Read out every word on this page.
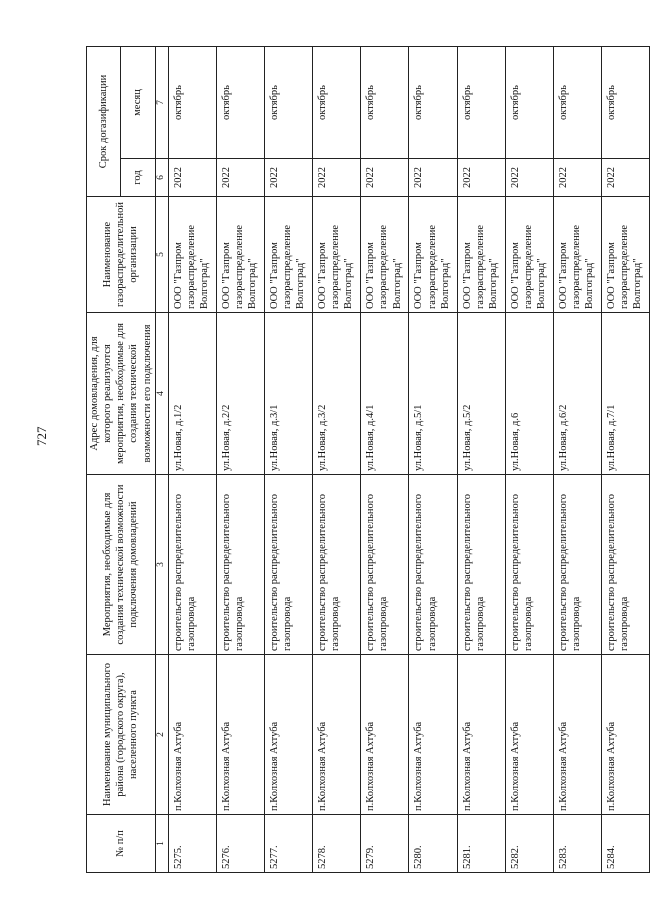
727
№ п/п	Наименование муниципального района (городского округа), населенного пункта	Мероприятия, необходимые для создания технической возможности подключения домовладений	Адрес домовладения, для которого реализуются мероприятия, необходимые для создания технической возможности его подключения	Наименование газораспределительной организации	Срок догазификации	
					год	месяц
1	2	3	4	5	6	7
5275.	п.Колхозная Ахтуба	строительство распределительного газопровода	ул.Новая, д.1/2	ООО "Газпром газораспределение Волгоград"	2022	октябрь
5276.	п.Колхозная Ахтуба	строительство распределительного газопровода	ул.Новая, д.2/2	ООО "Газпром газораспределение Волгоград"	2022	октябрь
5277.	п.Колхозная Ахтуба	строительство распределительного газопровода	ул.Новая, д.3/1	ООО "Газпром газораспределение Волгоград"	2022	октябрь
5278.	п.Колхозная Ахтуба	строительство распределительного газопровода	ул.Новая, д.3/2	ООО "Газпром газораспределение Волгоград"	2022	октябрь
5279.	п.Колхозная Ахтуба	строительство распределительного газопровода	ул.Новая, д.4/1	ООО "Газпром газораспределение Волгоград"	2022	октябрь
5280.	п.Колхозная Ахтуба	строительство распределительного газопровода	ул.Новая, д.5/1	ООО "Газпром газораспределение Волгоград"	2022	октябрь
5281.	п.Колхозная Ахтуба	строительство распределительного газопровода	ул.Новая, д.5/2	ООО "Газпром газораспределение Волгоград"	2022	октябрь
5282.	п.Колхозная Ахтуба	строительство распределительного газопровода	ул.Новая, д.6	ООО "Газпром газораспределение Волгоград"	2022	октябрь
5283.	п.Колхозная Ахтуба	строительство распределительного газопровода	ул.Новая, д.6/2	ООО "Газпром газораспределение Волгоград"	2022	октябрь
5284.	п.Колхозная Ахтуба	строительство распределительного газопровода	ул.Новая, д.7/1	ООО "Газпром газораспределение Волгоград"	2022	октябрь
